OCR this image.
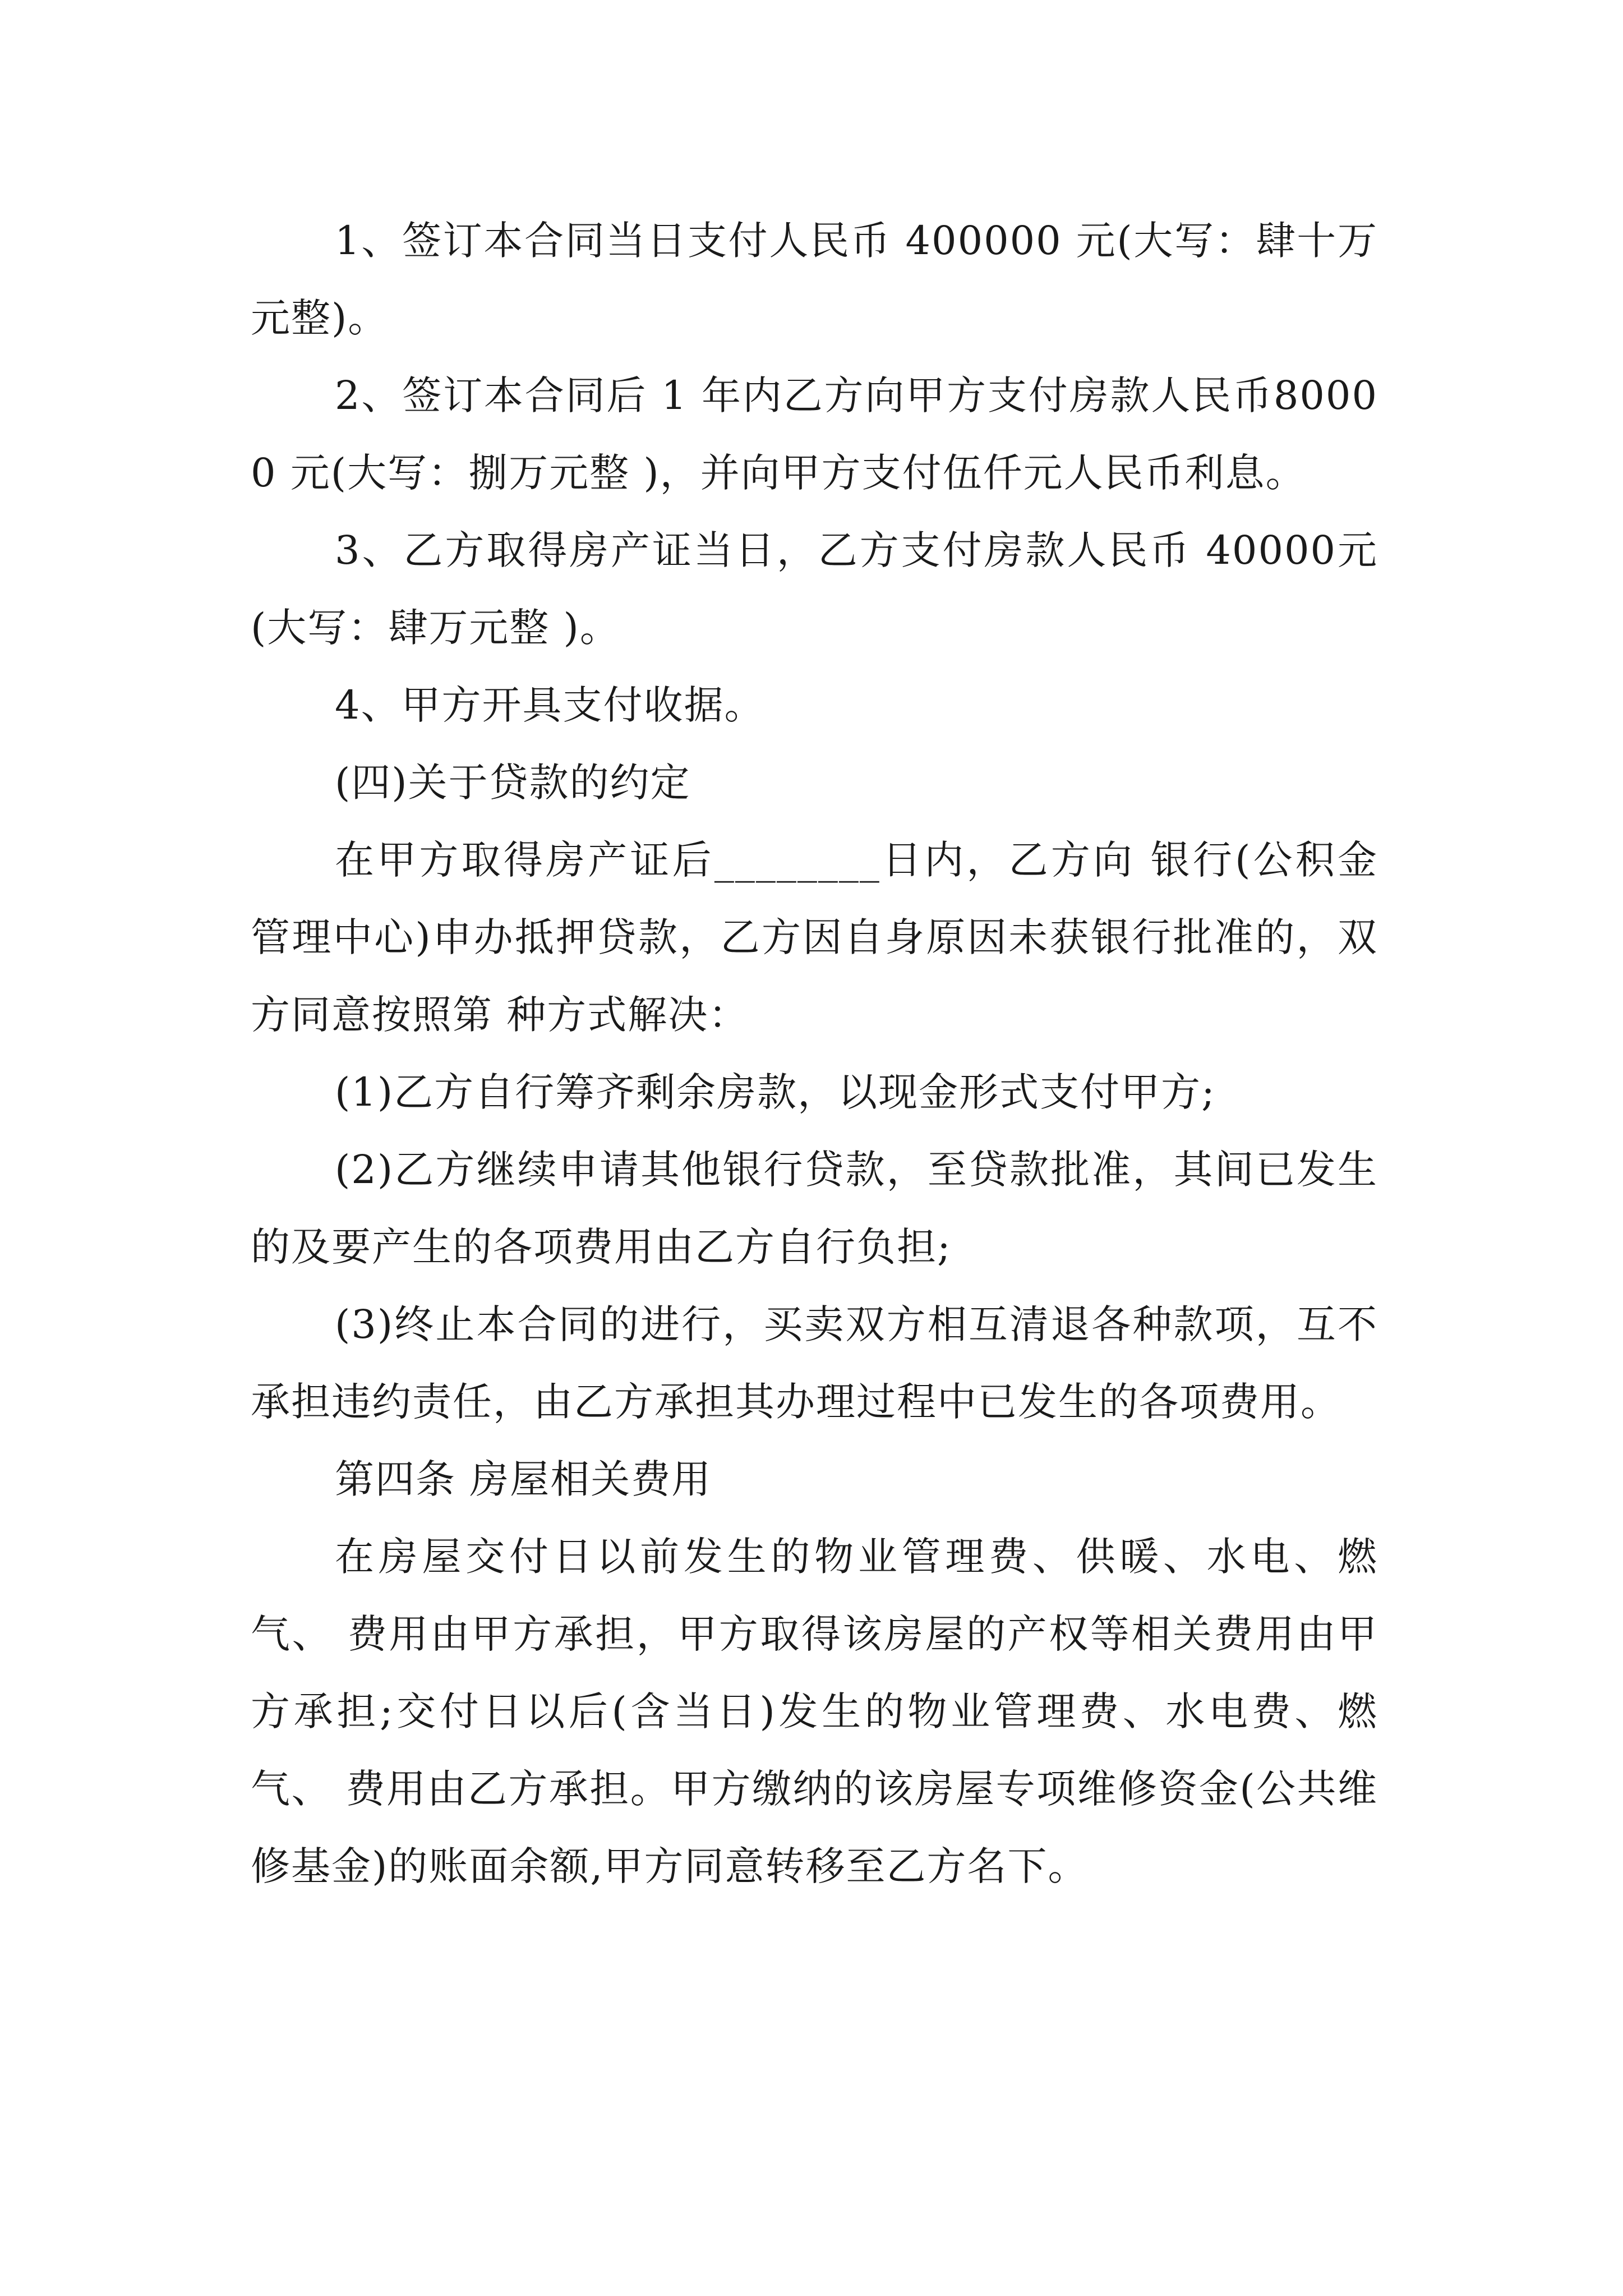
1、签订本合同当日支付人民币 400000 元(大写：肆十万元整)。

2、签订本合同后 1 年内乙方向甲方支付房款人民币80000 元(大写：捌万元整 )，并向甲方支付伍仟元人民币利息。

3、乙方取得房产证当日，乙方支付房款人民币 40000元(大写：肆万元整 )。

4、甲方开具支付收据。

(四)关于贷款的约定

在甲方取得房产证后________日内，乙方向 银行(公积金管理中心)申办抵押贷款，乙方因自身原因未获银行批准的，双方同意按照第 种方式解决：

(1)乙方自行筹齐剩余房款，以现金形式支付甲方;

(2)乙方继续申请其他银行贷款，至贷款批准，其间已发生的及要产生的各项费用由乙方自行负担;

(3)终止本合同的进行，买卖双方相互清退各种款项，互不承担违约责任，由乙方承担其办理过程中已发生的各项费用。

第四条 房屋相关费用

在房屋交付日以前发生的物业管理费、供暖、水电、燃气、 费用由甲方承担，甲方取得该房屋的产权等相关费用由甲方承担;交付日以后(含当日)发生的物业管理费、水电费、燃气、 费用由乙方承担。甲方缴纳的该房屋专项维修资金(公共维修基金)的账面余额,甲方同意转移至乙方名下。
